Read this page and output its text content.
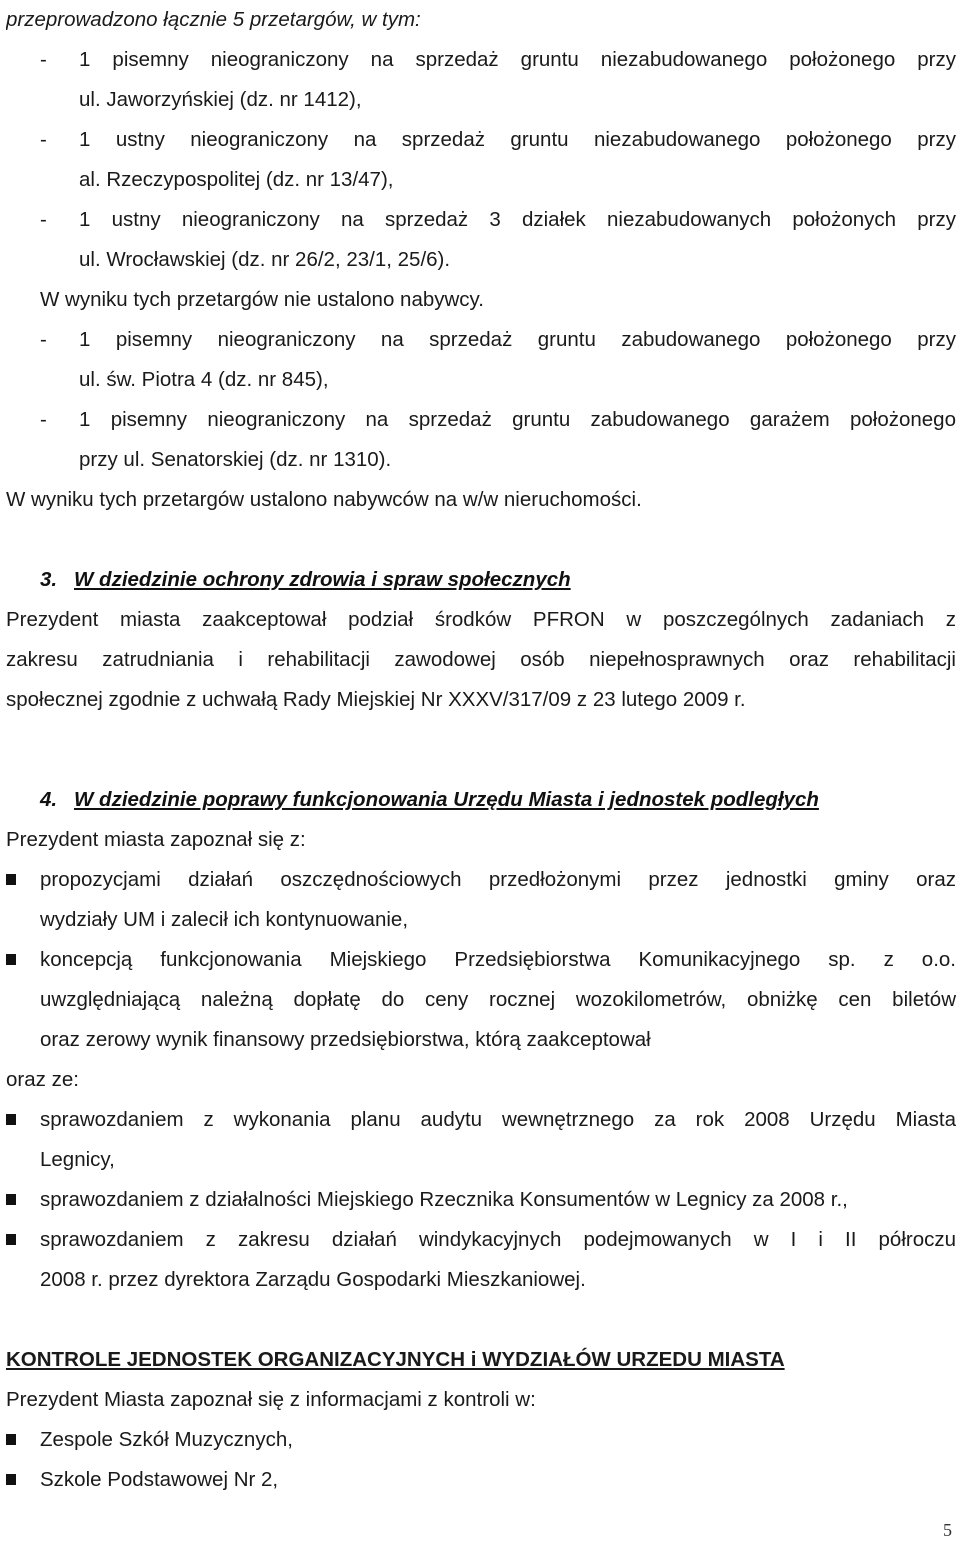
przeprowadzono łącznie 5 przetargów, w tym:
- 1 pisemny nieograniczony na sprzedaż gruntu niezabudowanego położonego przy
ul. Jaworzyńskiej (dz. nr 1412),
- 1 ustny nieograniczony na sprzedaż gruntu niezabudowanego położonego przy
al. Rzeczypospolitej (dz. nr 13/47),
- 1 ustny nieograniczony na sprzedaż 3 działek niezabudowanych położonych przy
ul. Wrocławskiej (dz. nr 26/2, 23/1, 25/6).
W wyniku tych przetargów nie ustalono nabywcy.
- 1 pisemny nieograniczony na sprzedaż gruntu zabudowanego położonego przy
ul. św. Piotra 4 (dz. nr 845),
- 1 pisemny nieograniczony na sprzedaż gruntu zabudowanego garażem położonego
przy ul. Senatorskiej (dz. nr 1310).
W wyniku tych przetargów ustalono nabywców na w/w nieruchomości.
3. W dziedzinie ochrony zdrowia i spraw społecznych
Prezydent miasta zaakceptował podział środków PFRON w poszczególnych zadaniach z
zakresu zatrudniania i rehabilitacji zawodowej osób niepełnosprawnych oraz rehabilitacji
społecznej zgodnie z uchwałą Rady Miejskiej Nr XXXV/317/09 z 23 lutego 2009 r.
4. W dziedzinie poprawy funkcjonowania Urzędu Miasta i jednostek podległych
Prezydent miasta zapoznał się z:
propozycjami działań oszczędnościowych przedłożonymi przez jednostki gminy oraz
wydziały UM i zalecił ich kontynuowanie,
koncepcją funkcjonowania Miejskiego Przedsiębiorstwa Komunikacyjnego sp. z o.o.
uwzględniającą należną dopłatę do ceny rocznej wozokilometrów, obniżkę cen biletów
oraz zerowy wynik finansowy przedsiębiorstwa, którą zaakceptował
oraz ze:
sprawozdaniem z wykonania planu audytu wewnętrznego za rok 2008 Urzędu Miasta
Legnicy,
sprawozdaniem z działalności Miejskiego Rzecznika Konsumentów w Legnicy za 2008 r.,
sprawozdaniem z zakresu działań windykacyjnych podejmowanych w I i II półroczu
2008 r. przez dyrektora Zarządu Gospodarki Mieszkaniowej.
KONTROLE JEDNOSTEK ORGANIZACYJNYCH i WYDZIAŁÓW URZEDU MIASTA
Prezydent Miasta zapoznał się z informacjami z kontroli w:
Zespole Szkół Muzycznych,
Szkole Podstawowej Nr 2,
5
